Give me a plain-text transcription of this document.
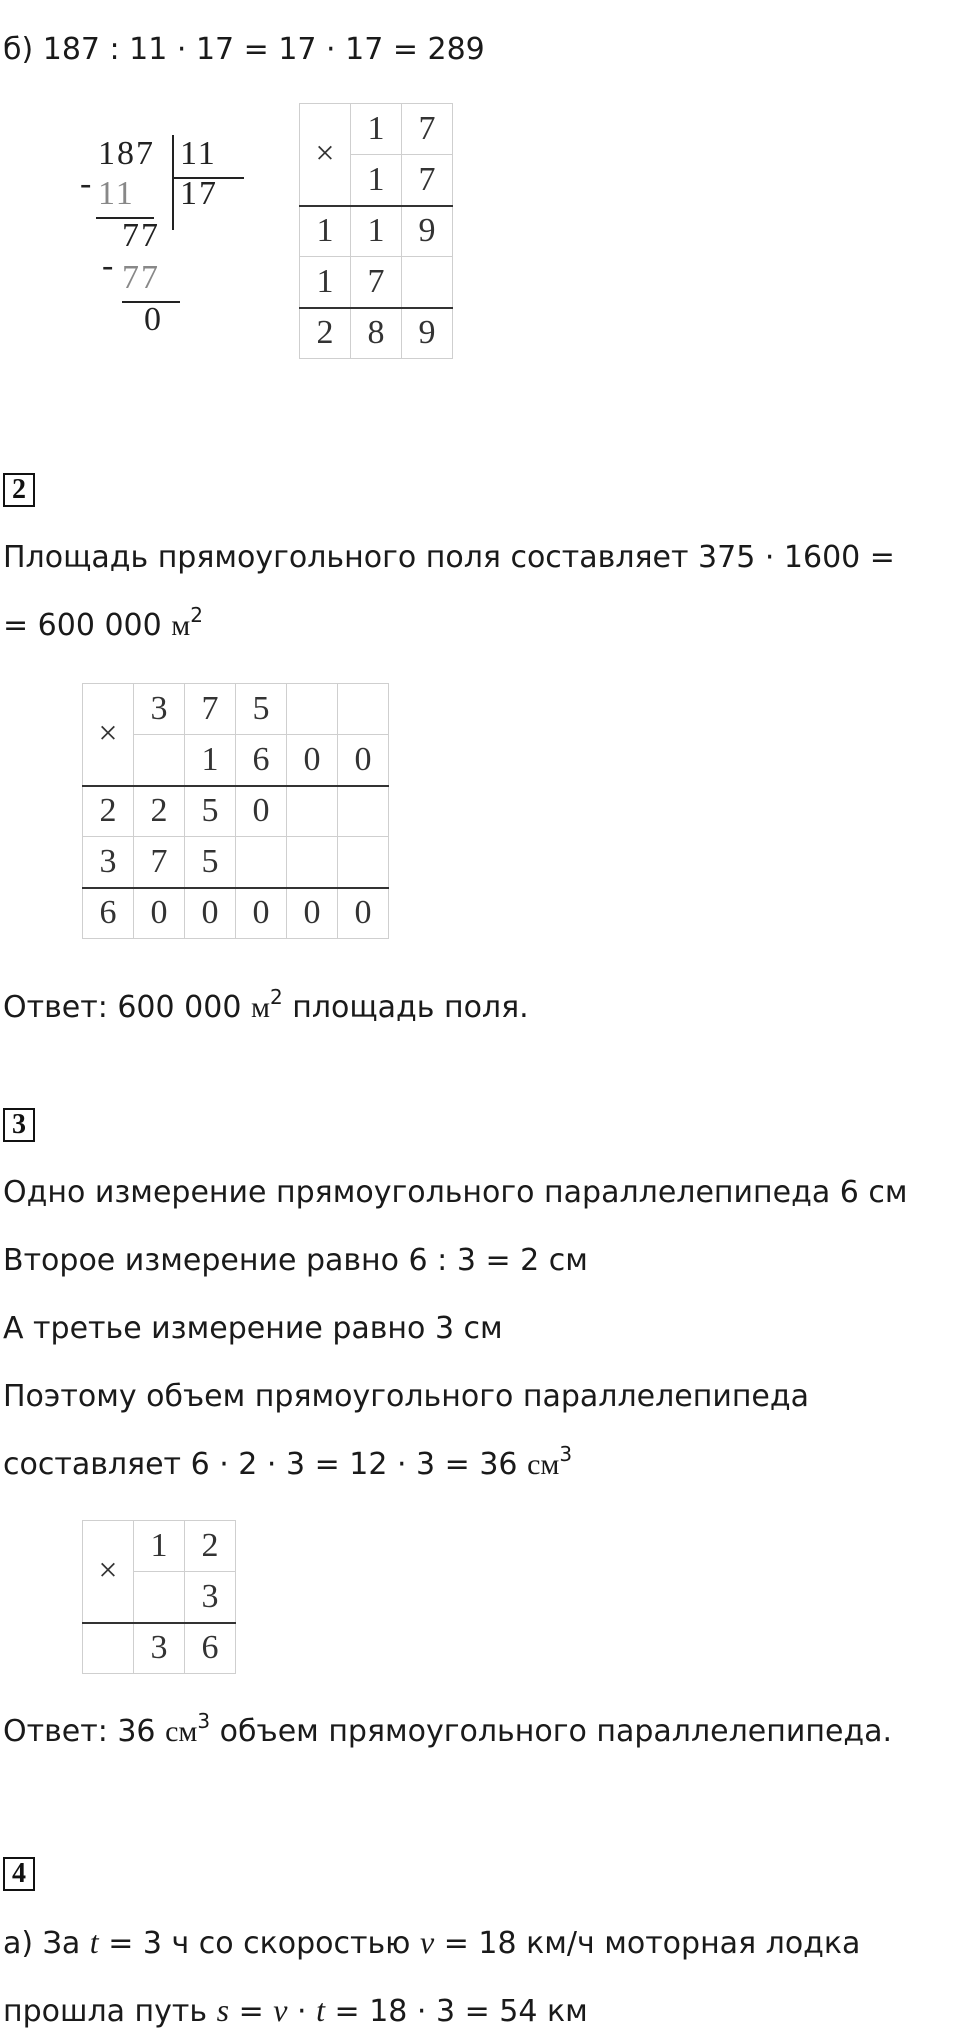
б) 187 : 11 · 17 = 17 · 17 = 289
187 11
- 11 17
77
- 77
0
×	1	7
	1	7
1	1	9
1	7	
2	8	9
2
Площадь прямоугольного поля составляет 375 · 1600 =
= 600 000 $м^2$
×	3	7	5		
		1	6	0	0
2	2	5	0		
3	7	5			
6	0	0	0	0	0
Ответ: 600 000 $м^2$ площадь поля.
3
Одно измерение прямоугольного параллелепипеда 6 см
Второе измерение равно 6 : 3 = 2 см
А третье измерение равно 3 см
Поэтому объем прямоугольного параллелепипеда
составляет 6 · 2 · 3 = 12 · 3 = 36 $см^3$
×	1	2
		3
	3	6
Ответ: 36 $см^3$ объем прямоугольного параллелепипеда.
4
а) За t = 3 ч со скоростью v = 18 км/ч моторная лодка
прошла путь s = v · t = 18 · 3 = 54 км
